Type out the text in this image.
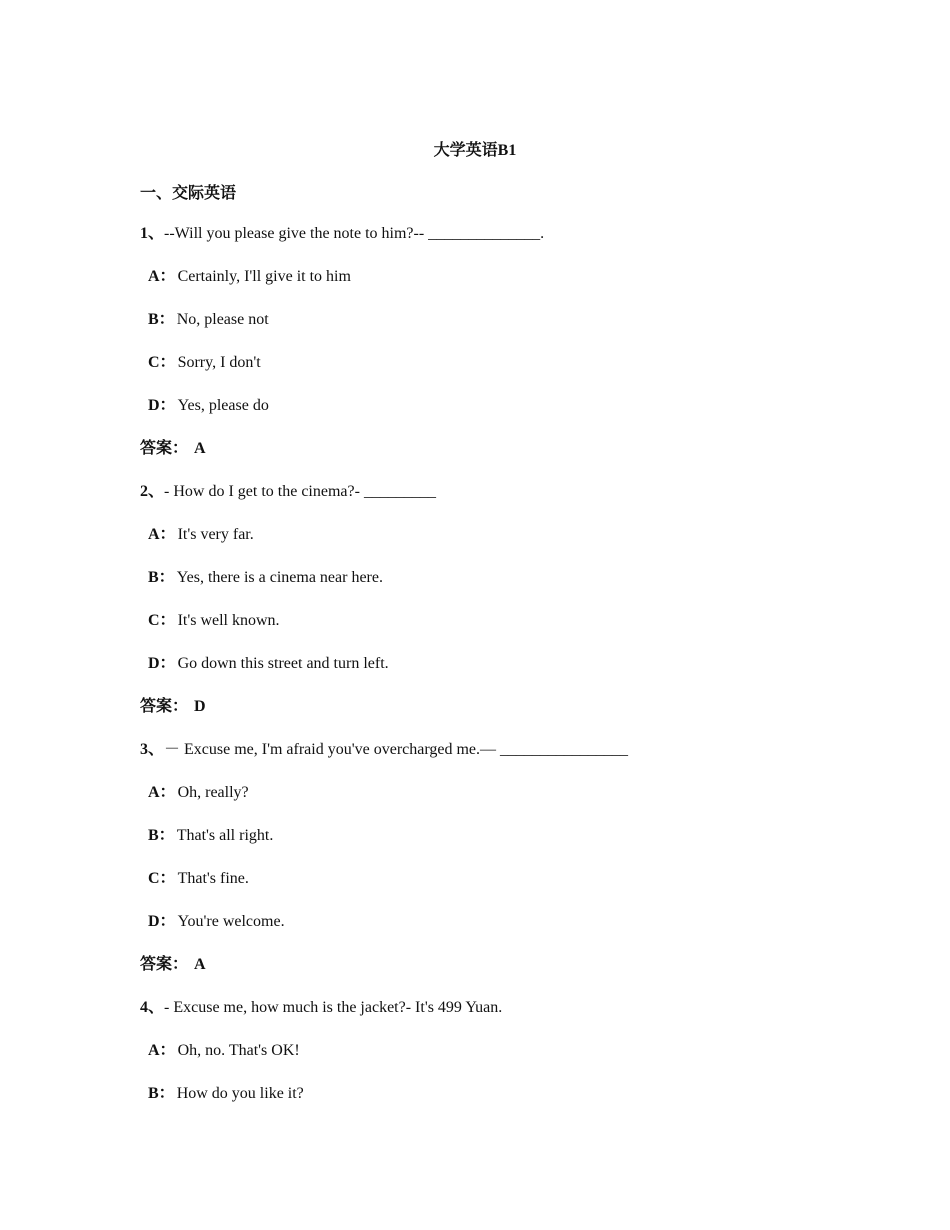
大学英语B1
一、交际英语
1、--Will you please give the note to him?-- ______________.
A： Certainly, I'll give it to him
B： No, please not
C： Sorry, I don't
D： Yes, please do
答案： A
2、- How do I get to the cinema?- _________
A： It's very far.
B： Yes, there is a cinema near here.
C： It's well known.
D： Go down this street and turn left.
答案： D
3、－ Excuse me, I'm afraid you've overcharged me.— ________________
A： Oh, really?
B： That's all right.
C： That's fine.
D： You're welcome.
答案： A
4、- Excuse me, how much is the jacket?- It's 499 Yuan.
A： Oh, no. That's OK!
B： How do you like it?
